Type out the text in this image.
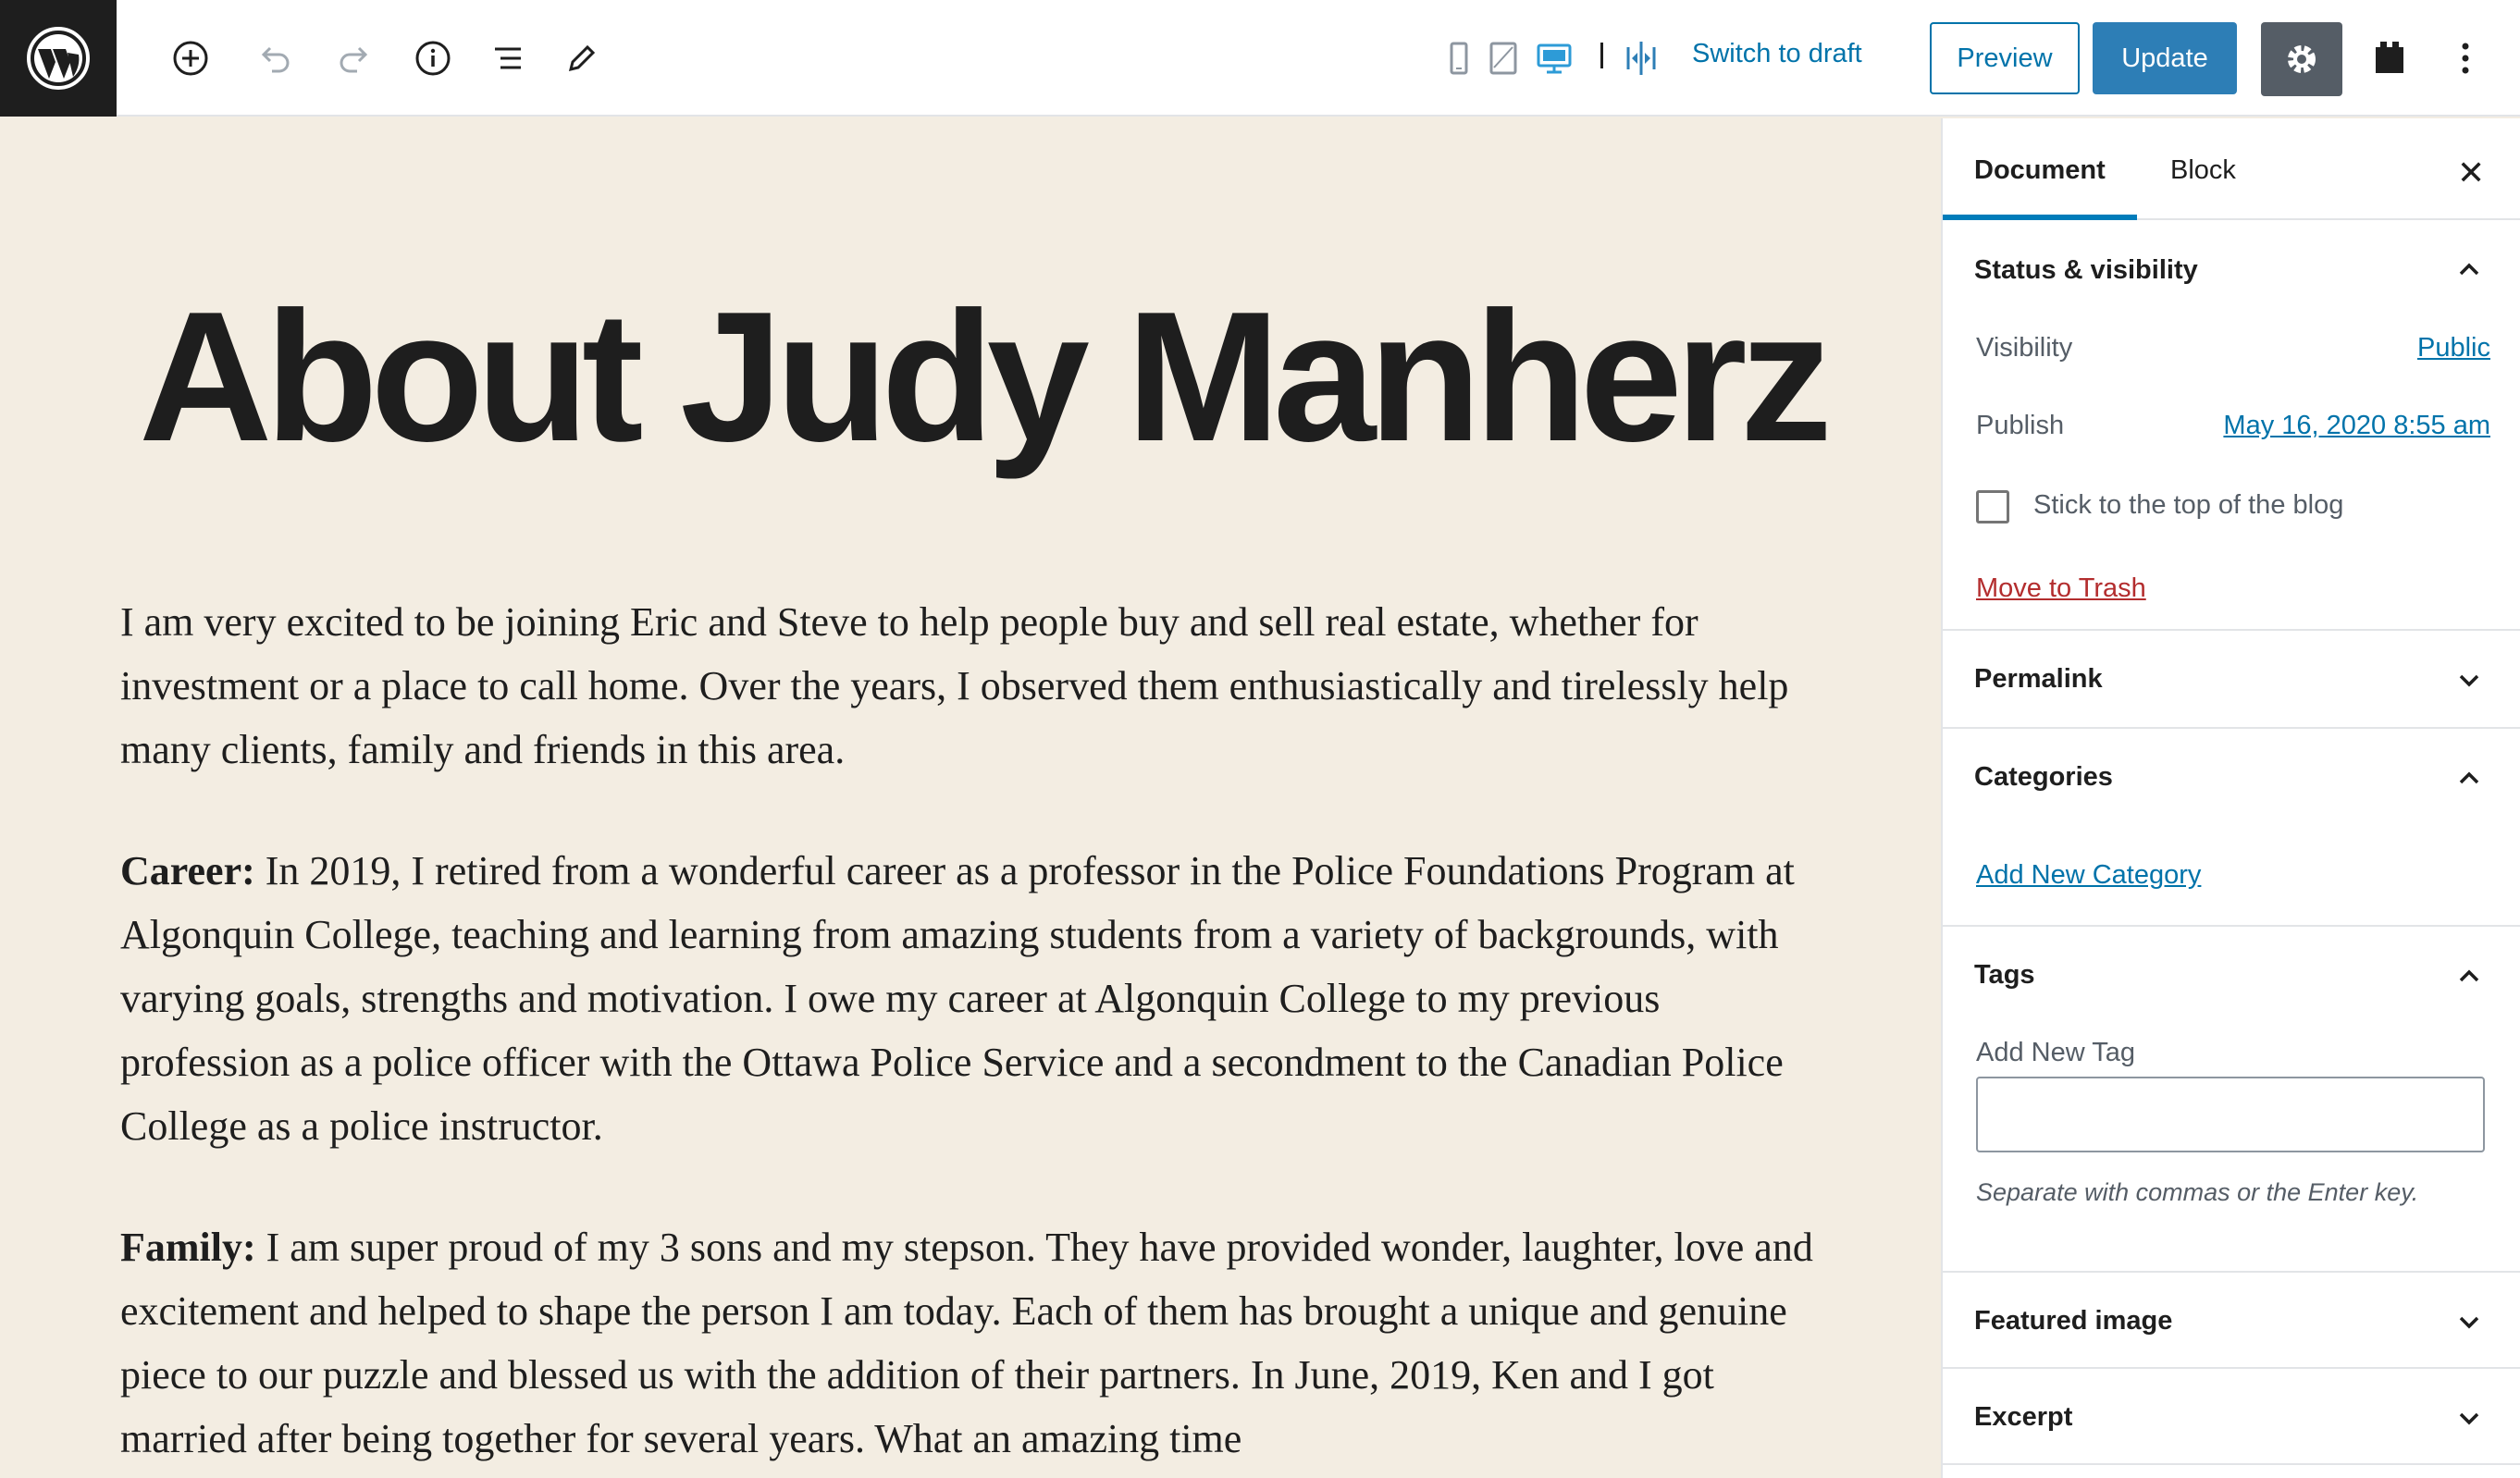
Switch to draft	Preview	Update
About Judy Manherz

I am very excited to be joining Eric and Steve to help people buy and sell real estate, whether for investment or a place to call home. Over the years, I observed them enthusiastically and tirelessly help many clients, family and friends in this area.

Career: In 2019, I retired from a wonderful career as a professor in the Police Foundations Program at Algonquin College, teaching and learning from amazing students from a variety of backgrounds, with varying goals, strengths and motivation. I owe my career at Algonquin College to my previous profession as a police officer with the Ottawa Police Service and a secondment to the Canadian Police College as a police instructor.

Family: I am super proud of my 3 sons and my stepson. They have provided wonder, laughter, love and excitement and helped to shape the person I am today. Each of them has brought a unique and genuine piece to our puzzle and blessed us with the addition of their partners. In June, 2019, Ken and I got married after being together for several years. What an amazing time

Document Block	✕
Status & visibility
Visibility	Public
Publish	May 16, 2020 8:55 am
Stick to the top of the blog
Move to Trash
Permalink
Categories
Add New Category
Tags
Add New Tag
Separate with commas or the Enter key.
Featured image
Excerpt
